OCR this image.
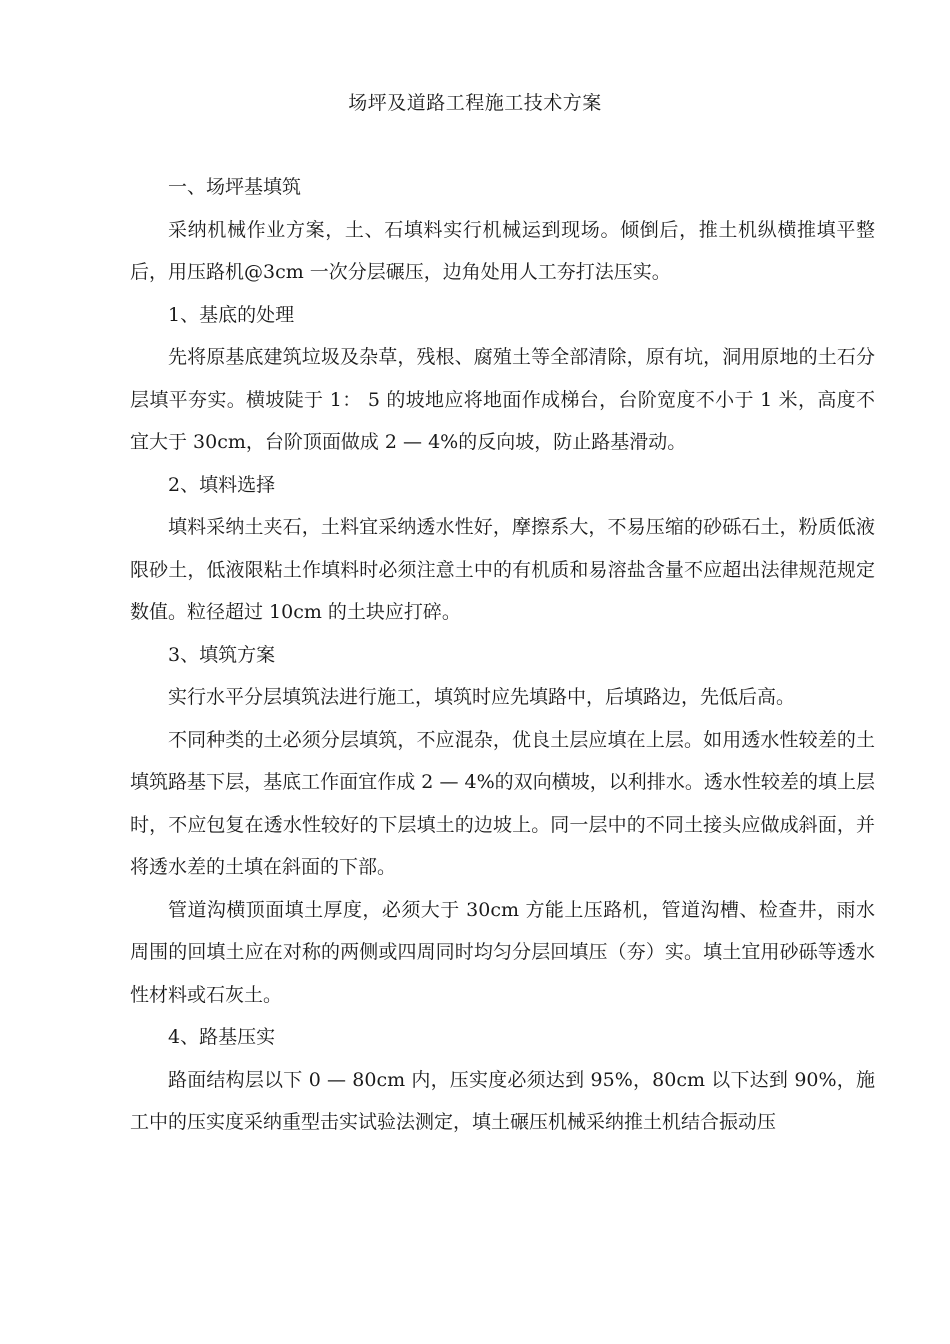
场坪及道路工程施工技术方案

一、场坪基填筑

采纳机械作业方案，土、石填料实行机械运到现场。倾倒后，推土机纵横推填平整后，用压路机@3cm 一次分层碾压，边角处用人工夯打法压实。

1、基底的处理

先将原基底建筑垃圾及杂草，残根、腐殖土等全部清除，原有坑，洞用原地的土石分层填平夯实。横坡陡于 1： 5 的坡地应将地面作成梯台，台阶宽度不小于 1 米，高度不宜大于 30cm，台阶顶面做成 2 — 4%的反向坡，防止路基滑动。

2、填料选择

填料采纳土夹石，土料宜采纳透水性好，摩擦系大，不易压缩的砂砾石土，粉质低液限砂土，低液限粘土作填料时必须注意土中的有机质和易溶盐含量不应超出法律规范规定数值。粒径超过 10cm 的土块应打碎。

3、填筑方案

实行水平分层填筑法进行施工，填筑时应先填路中，后填路边，先低后高。

不同种类的土必须分层填筑，不应混杂，优良土层应填在上层。如用透水性较差的土填筑路基下层，基底工作面宜作成 2 — 4%的双向横坡，以利排水。透水性较差的填上层时，不应包复在透水性较好的下层填土的边坡上。同一层中的不同土接头应做成斜面，并将透水差的土填在斜面的下部。

管道沟横顶面填土厚度，必须大于 30cm 方能上压路机，管道沟槽、检查井，雨水周围的回填土应在对称的两侧或四周同时均匀分层回填压（夯）实。填土宜用砂砾等透水性材料或石灰土。

4、路基压实

路面结构层以下 0 — 80cm 内，压实度必须达到 95%，80cm 以下达到 90%，施工中的压实度采纳重型击实试验法测定，填土碾压机械采纳推土机结合振动压
